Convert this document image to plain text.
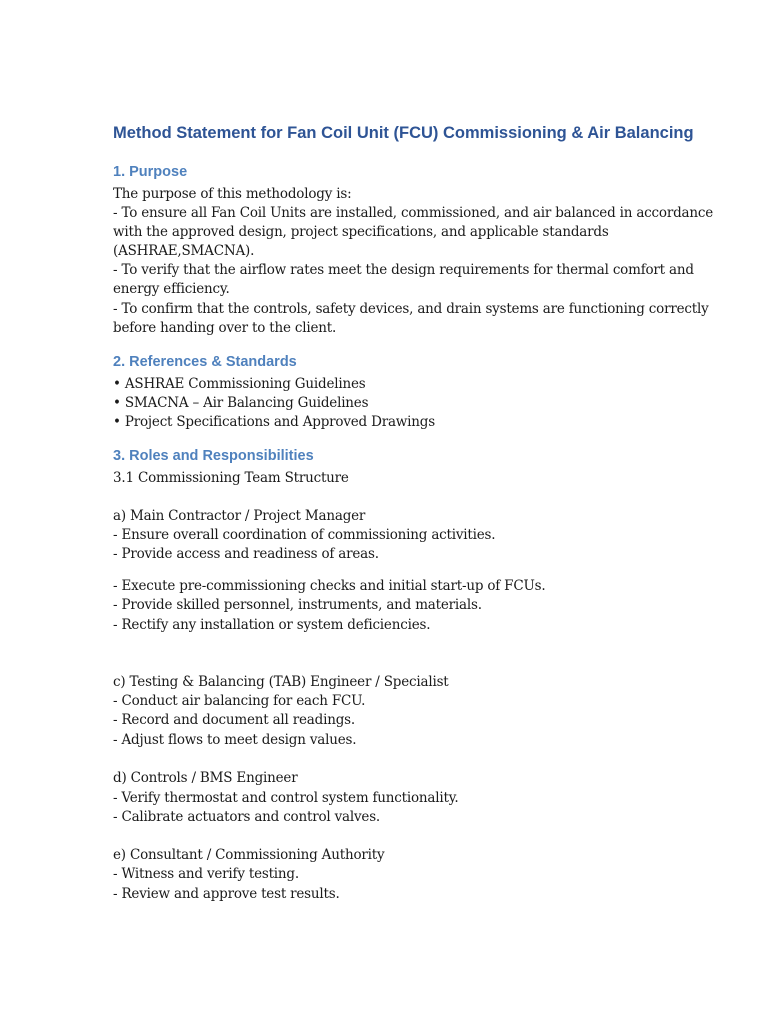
Method Statement for Fan Coil Unit (FCU) Commissioning & Air Balancing
1. Purpose
The purpose of this methodology is:
- To ensure all Fan Coil Units are installed, commissioned, and air balanced in accordance
with the approved design, project specifications, and applicable standards
(ASHRAE,SMACNA).
- To verify that the airflow rates meet the design requirements for thermal comfort and
energy efficiency.
- To confirm that the controls, safety devices, and drain systems are functioning correctly
before handing over to the client.
2. References & Standards
• ASHRAE Commissioning Guidelines
• SMACNA – Air Balancing Guidelines
• Project Specifications and Approved Drawings
3. Roles and Responsibilities
3.1 Commissioning Team Structure
a) Main Contractor / Project Manager
- Ensure overall coordination of commissioning activities.
- Provide access and readiness of areas.
- Execute pre-commissioning checks and initial start-up of FCUs.
- Provide skilled personnel, instruments, and materials.
- Rectify any installation or system deficiencies.
c) Testing & Balancing (TAB) Engineer / Specialist
- Conduct air balancing for each FCU.
- Record and document all readings.
- Adjust flows to meet design values.
d) Controls / BMS Engineer
- Verify thermostat and control system functionality.
- Calibrate actuators and control valves.
e) Consultant / Commissioning Authority
- Witness and verify testing.
- Review and approve test results.
